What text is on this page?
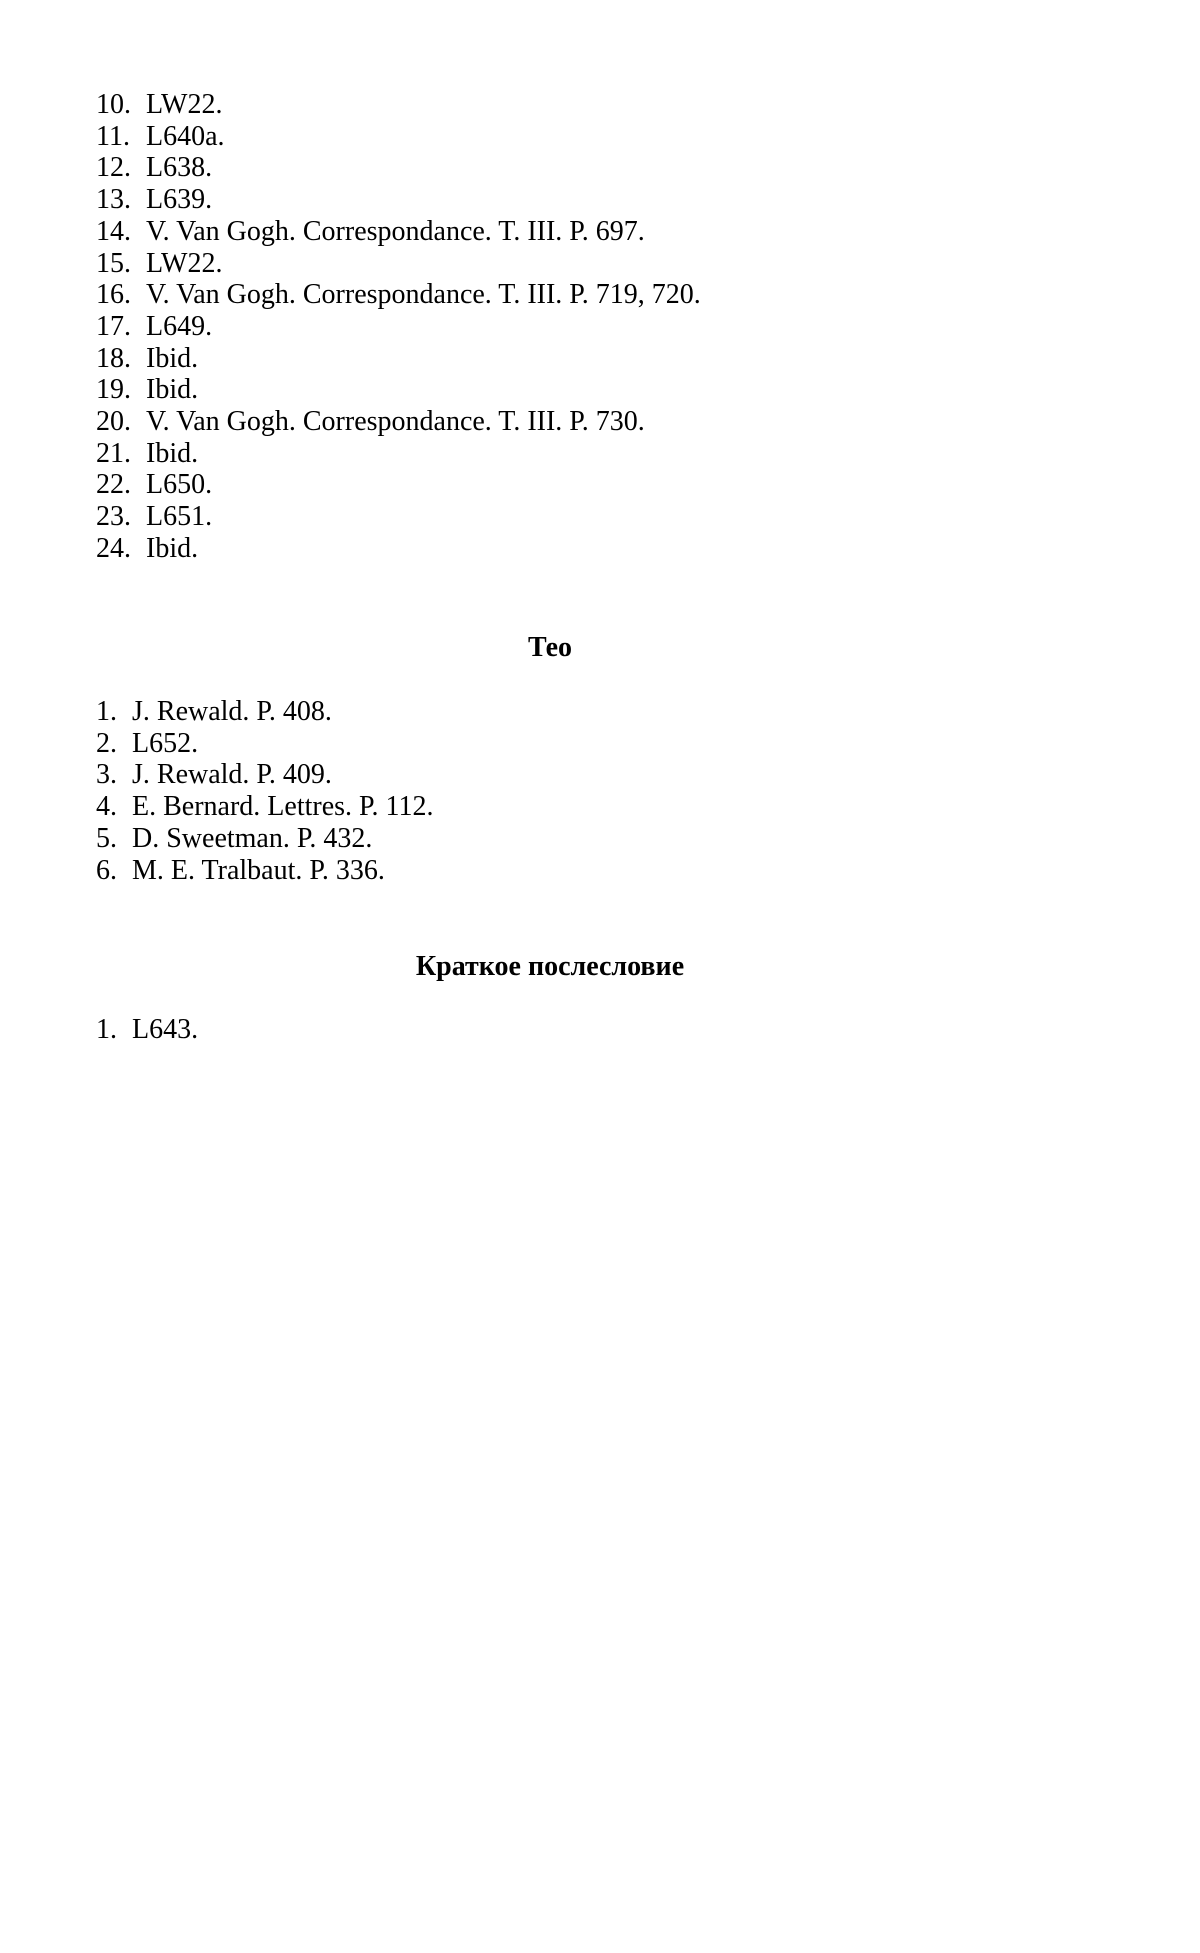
10. LW22.
11. L640a.
12. L638.
13. L639.
14. V. Van Gogh. Correspondance. T. III. P. 697.
15. LW22.
16. V. Van Gogh. Correspondance. T. III. P. 719, 720.
17. L649.
18. Ibid.
19. Ibid.
20. V. Van Gogh. Correspondance. T. III. P. 730.
21. Ibid.
22. L650.
23. L651.
24. Ibid.
Тео
1. J. Rewald. P. 408.
2. L652.
3. J. Rewald. P. 409.
4. E. Bernard. Lettres. P. 112.
5. D. Sweetman. P. 432.
6. M. E. Tralbaut. P. 336.
Краткое послесловие
1. L643.
